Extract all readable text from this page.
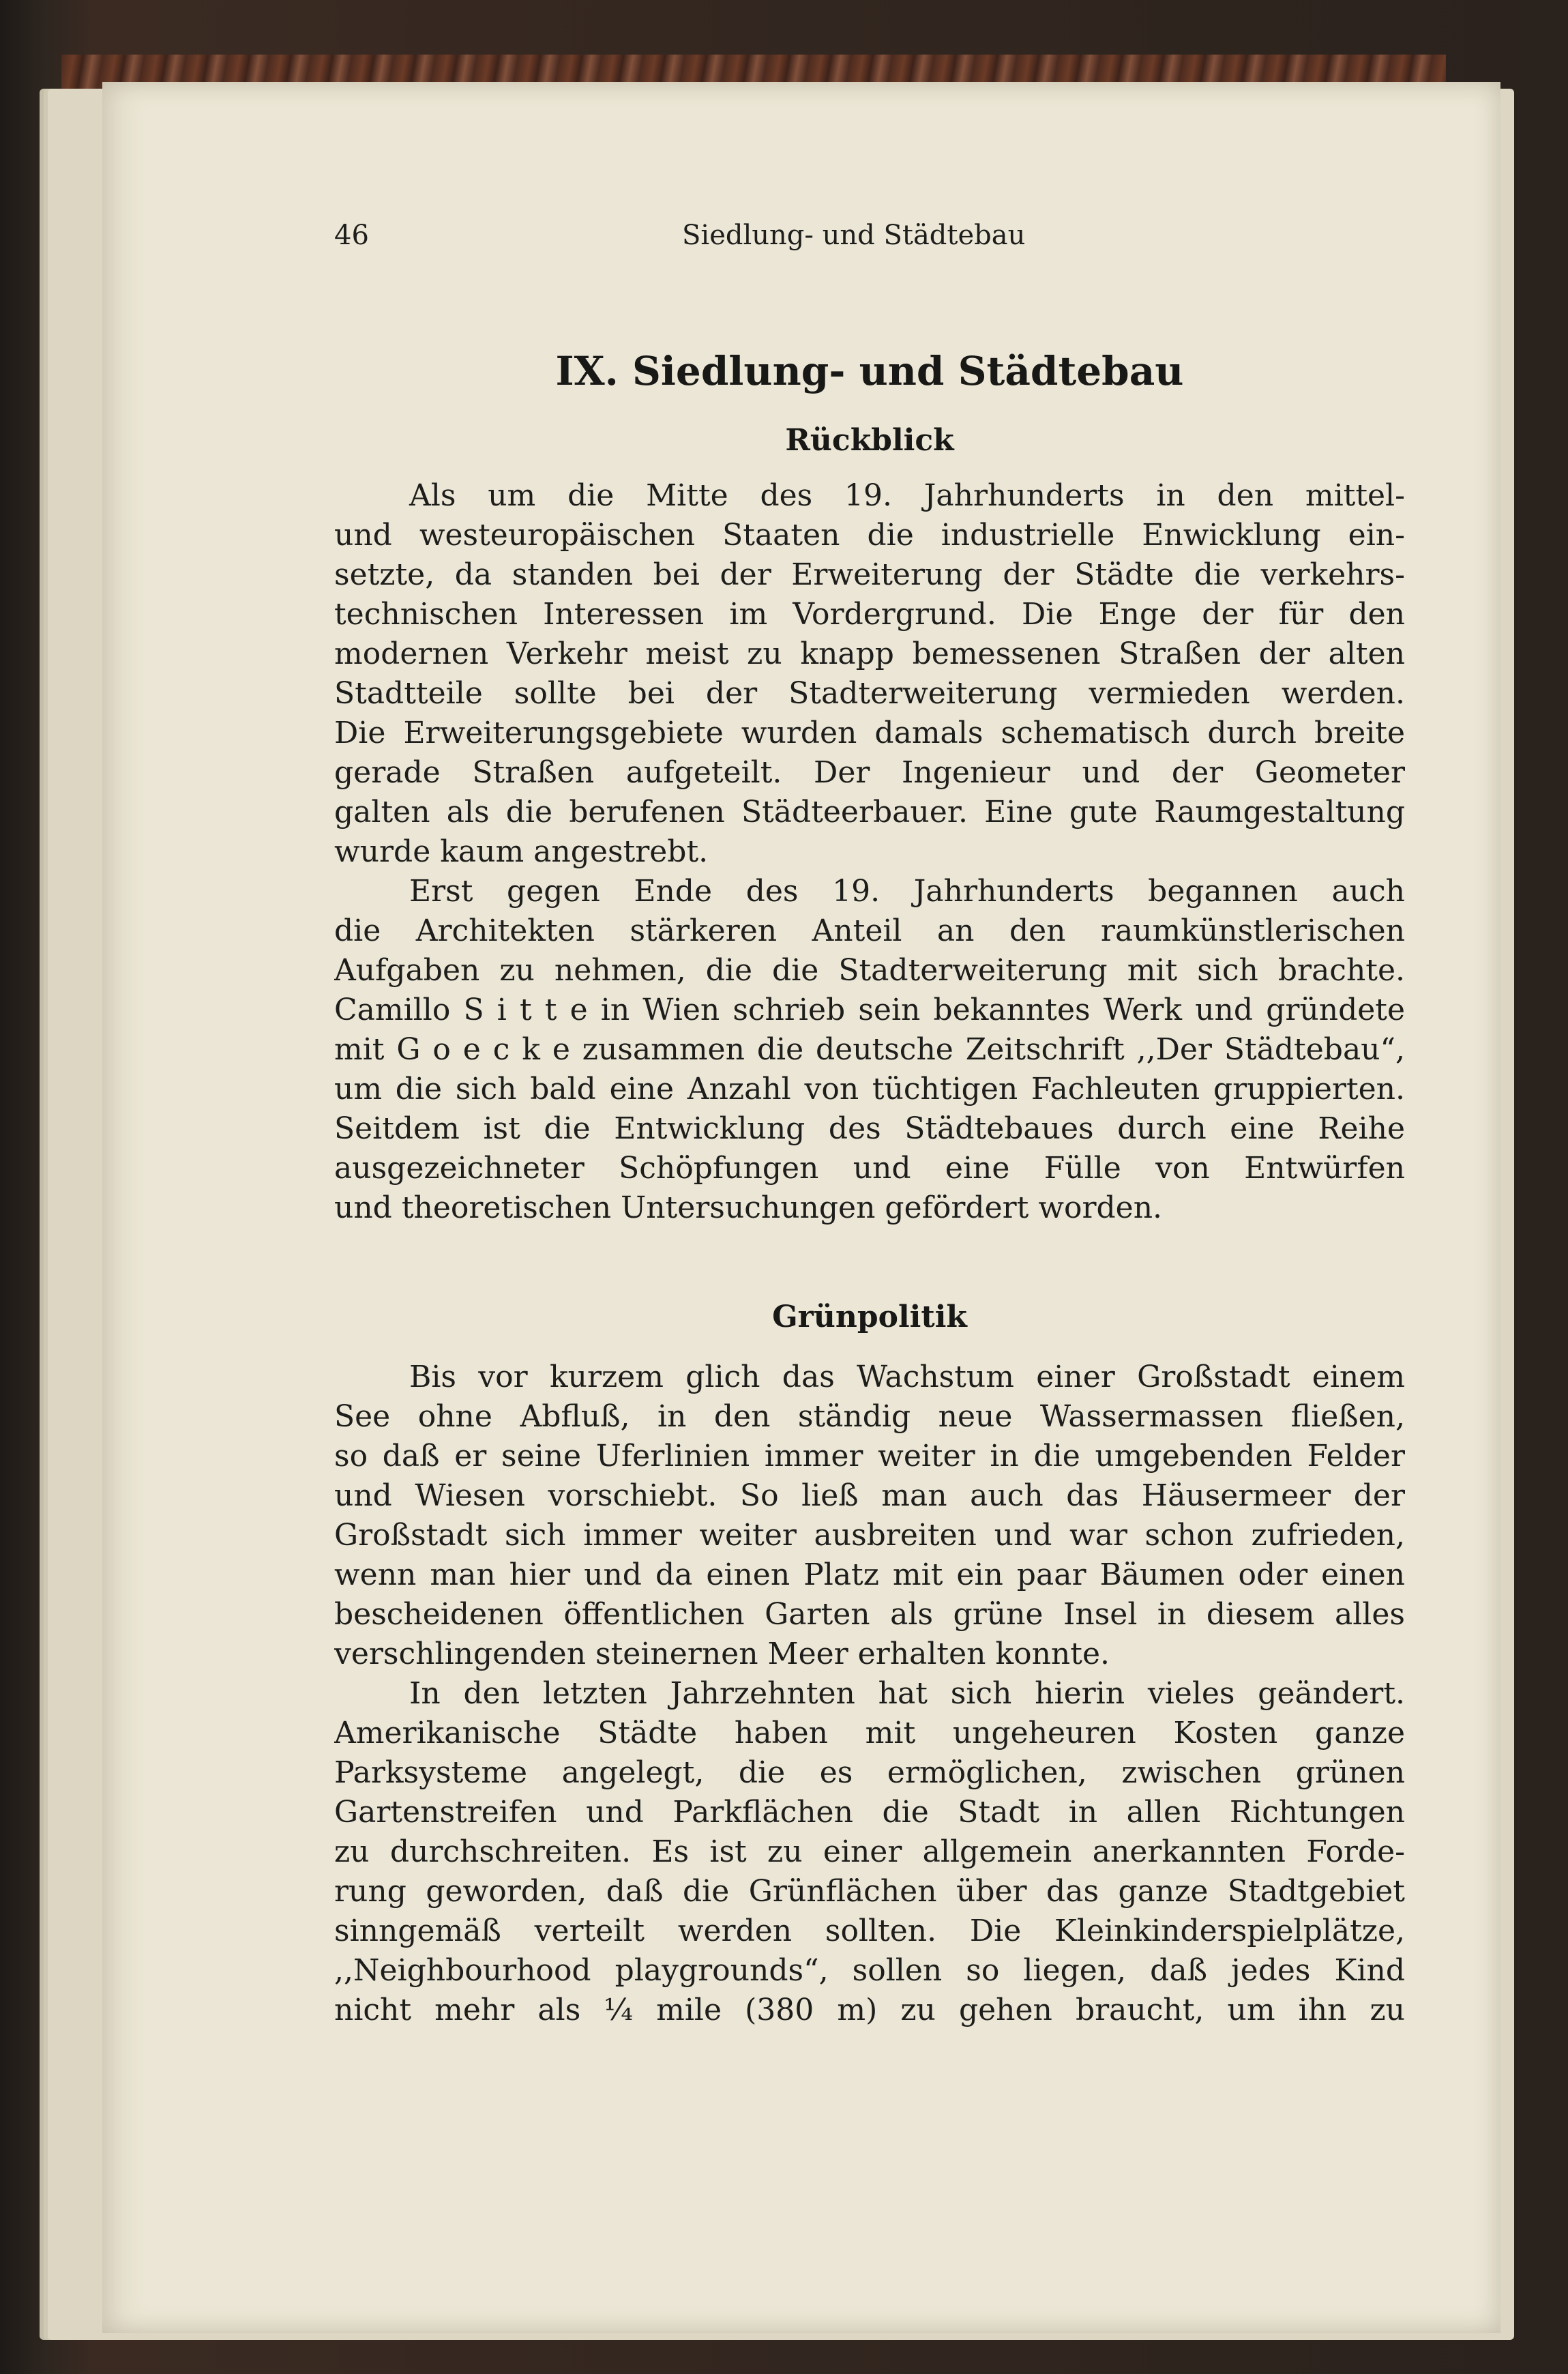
46	Siedlung- und Städtebau
IX. Siedlung- und Städtebau
Rückblick
Als um die Mitte des 19. Jahrhunderts in den mittel-
und westeuropäischen Staaten die industrielle Enwicklung ein-
setzte, da standen bei der Erweiterung der Städte die verkehrs-
technischen Interessen im Vordergrund. Die Enge der für den
modernen Verkehr meist zu knapp bemessenen Straßen der alten
Stadtteile sollte bei der Stadterweiterung vermieden werden.
Die Erweiterungsgebiete wurden damals schematisch durch breite
gerade Straßen aufgeteilt. Der Ingenieur und der Geometer
galten als die berufenen Städteerbauer. Eine gute Raumgestaltung
wurde kaum angestrebt.
Erst gegen Ende des 19. Jahrhunderts begannen auch
die Architekten stärkeren Anteil an den raumkünstlerischen
Aufgaben zu nehmen, die die Stadterweiterung mit sich brachte.
Camillo S i t t e in Wien schrieb sein bekanntes Werk und gründete
mit G o e c k e zusammen die deutsche Zeitschrift ,,Der Städtebau“,
um die sich bald eine Anzahl von tüchtigen Fachleuten gruppierten.
Seitdem ist die Entwicklung des Städtebaues durch eine Reihe
ausgezeichneter Schöpfungen und eine Fülle von Entwürfen
und theoretischen Untersuchungen gefördert worden.
Grünpolitik
Bis vor kurzem glich das Wachstum einer Großstadt einem
See ohne Abfluß, in den ständig neue Wassermassen fließen,
so daß er seine Uferlinien immer weiter in die umgebenden Felder
und Wiesen vorschiebt. So ließ man auch das Häusermeer der
Großstadt sich immer weiter ausbreiten und war schon zufrieden,
wenn man hier und da einen Platz mit ein paar Bäumen oder einen
bescheidenen öffentlichen Garten als grüne Insel in diesem alles
verschlingenden steinernen Meer erhalten konnte.
In den letzten Jahrzehnten hat sich hierin vieles geändert.
Amerikanische Städte haben mit ungeheuren Kosten ganze
Parksysteme angelegt, die es ermöglichen, zwischen grünen
Gartenstreifen und Parkflächen die Stadt in allen Richtungen
zu durchschreiten. Es ist zu einer allgemein anerkannten Forde-
rung geworden, daß die Grünflächen über das ganze Stadtgebiet
sinngemäß verteilt werden sollten. Die Kleinkinderspielplätze,
,,Neighbourhood playgrounds“, sollen so liegen, daß jedes Kind
nicht mehr als ¼ mile (380 m) zu gehen braucht, um ihn zu
